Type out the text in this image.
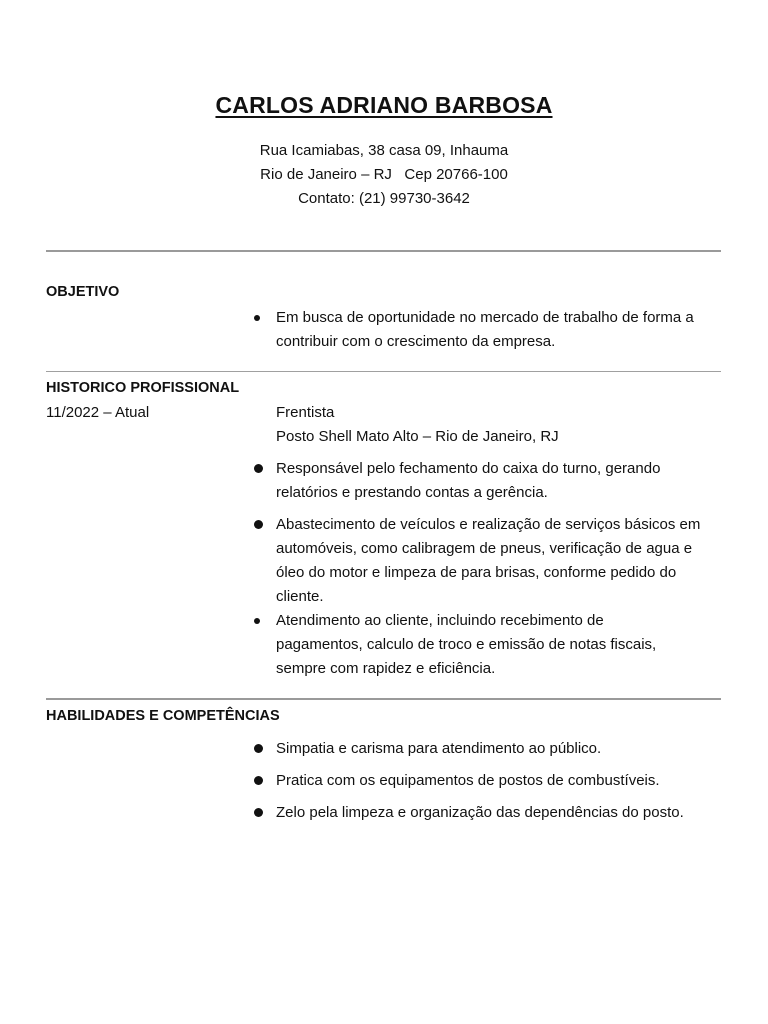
CARLOS ADRIANO BARBOSA
Rua Icamiabas, 38 casa 09, Inhauma
Rio de Janeiro – RJ   Cep 20766-100
Contato: (21) 99730-3642
OBJETIVO
Em busca de oportunidade no mercado de trabalho de forma a contribuir com o crescimento da empresa.
HISTORICO PROFISSIONAL
11/2022 – Atual	Frentista
Posto Shell Mato Alto – Rio de Janeiro, RJ
Responsável pelo fechamento do caixa do turno, gerando relatórios e prestando contas a gerência.
Abastecimento de veículos e realização de serviços básicos em automóveis, como calibragem de pneus, verificação de agua e óleo do motor e limpeza de para brisas, conforme pedido do cliente.
Atendimento ao cliente, incluindo recebimento de pagamentos, calculo de troco e emissão de notas fiscais, sempre com rapidez e eficiência.
HABILIDADES E COMPETÊNCIAS
Simpatia e carisma para atendimento ao público.
Pratica com os equipamentos de postos de combustíveis.
Zelo pela limpeza e organização das dependências do posto.
